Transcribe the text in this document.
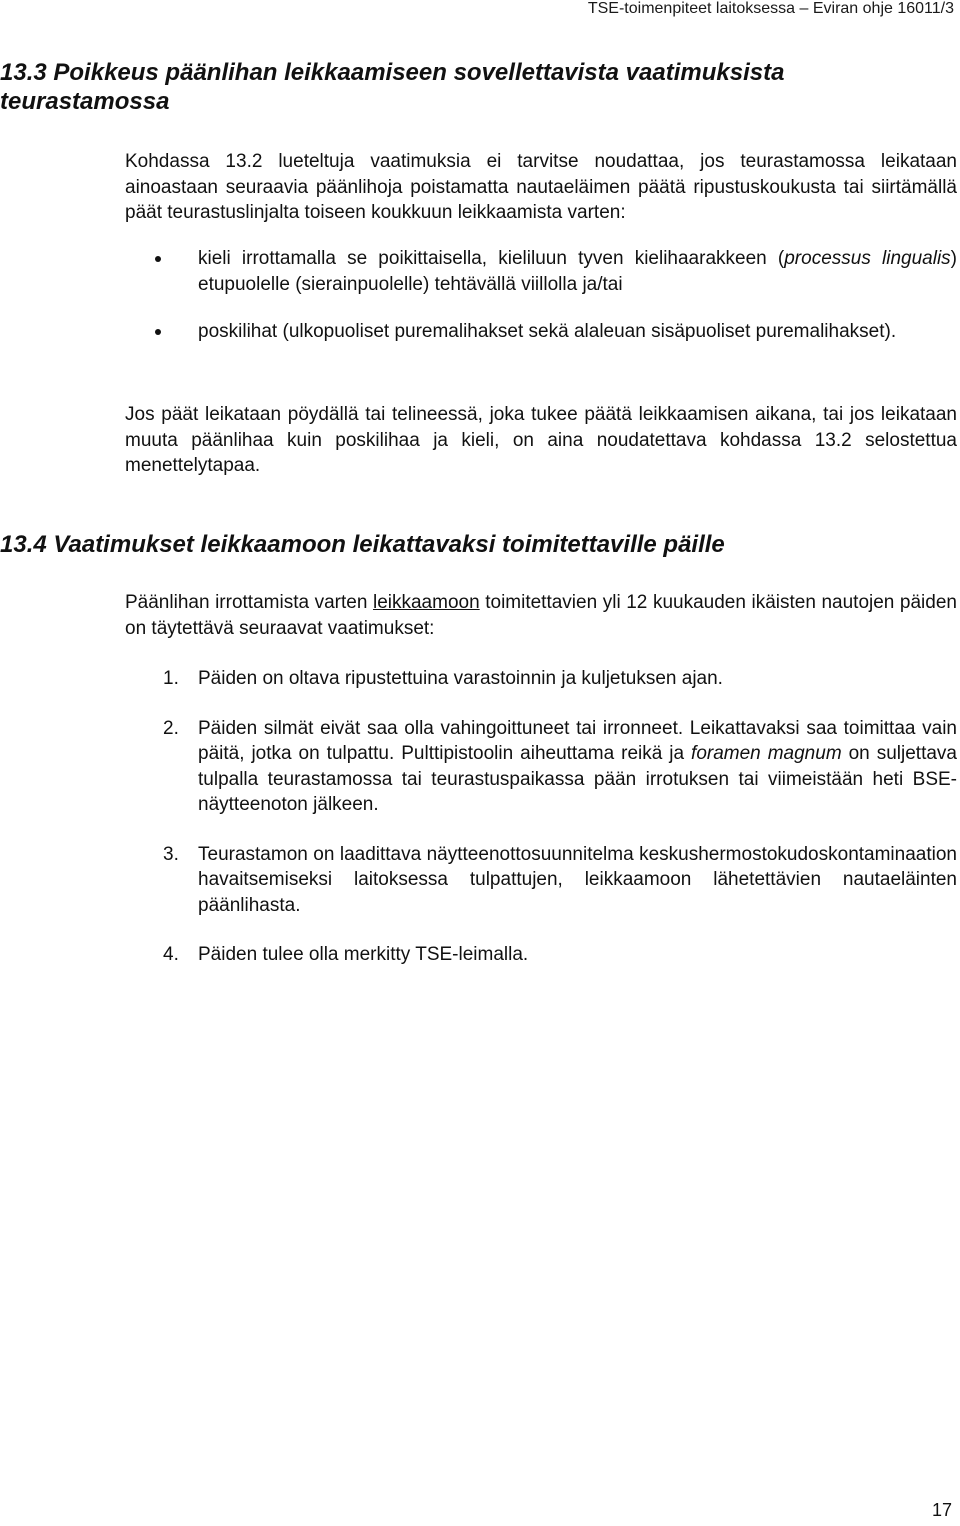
TSE-toimenpiteet laitoksessa – Eviran ohje 16011/3
13.3 Poikkeus päänlihan leikkaamiseen sovellettavista vaatimuksista teurastamossa

Kohdassa 13.2 lueteltuja vaatimuksia ei tarvitse noudattaa, jos teurastamossa leikataan ainoastaan seuraavia päänlihoja poistamatta nautaeläimen päätä ripustuskoukusta tai siirtämällä päät teurastuslinjalta toiseen koukkuun leikkaamista varten:

kieli irrottamalla se poikittaisella, kieliluun tyven kielihaarakkeen (processus lingualis) etupuolelle (sierainpuolelle) tehtävällä viillolla ja/tai
poskilihat (ulkopuoliset puremalihakset sekä alaleuan sisäpuoliset puremalihakset).

Jos päät leikataan pöydällä tai telineessä, joka tukee päätä leikkaamisen aikana, tai jos leikataan muuta päänlihaa kuin poskilihaa ja kieli, on aina noudatettava kohdassa 13.2 selostettua menettelytapaa.

13.4 Vaatimukset leikkaamoon leikattavaksi toimitettaville päille

Päänlihan irrottamista varten leikkaamoon toimitettavien yli 12 kuukauden ikäisten nautojen päiden on täytettävä seuraavat vaatimukset:

1. Päiden on oltava ripustettuina varastoinnin ja kuljetuksen ajan.
2. Päiden silmät eivät saa olla vahingoittuneet tai irronneet. Leikattavaksi saa toimittaa vain päitä, jotka on tulpattu. Pulttipistoolin aiheuttama reikä ja foramen magnum on suljettava tulpalla teurastamossa tai teurastuspaikassa pään irrotuksen tai viimeistään heti BSE-näytteenoton jälkeen.
3. Teurastamon on laadittava näytteenottosuunnitelma keskushermostokudoskontaminaation havaitsemiseksi laitoksessa tulpattujen, leikkaamoon lähetettävien nautaeläinten päänlihasta.
4. Päiden tulee olla merkitty TSE-leimalla.
17
